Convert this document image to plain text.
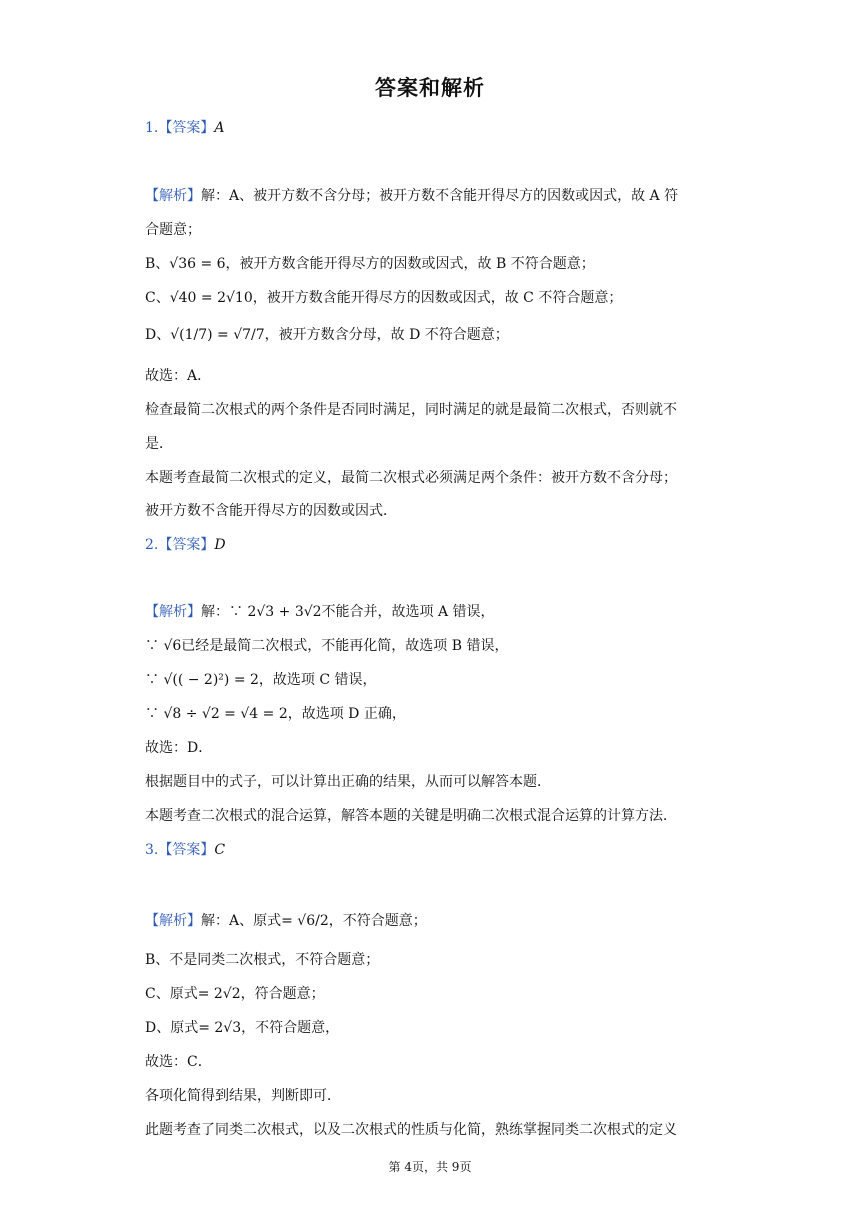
答案和解析
1.【答案】A
【解析】解：A、被开方数不含分母；被开方数不含能开得尽方的因数或因式，故 A 符
合题意；
B、√36 = 6，被开方数含能开得尽方的因数或因式，故 B 不符合题意；
C、√40 = 2√10，被开方数含能开得尽方的因数或因式，故 C 不符合题意；
D、√(1/7) = √7/7，被开方数含分母，故 D 不符合题意；
故选：A．
检查最简二次根式的两个条件是否同时满足，同时满足的就是最简二次根式，否则就不
是．
本题考查最简二次根式的定义，最简二次根式必须满足两个条件：被开方数不含分母；
被开方数不含能开得尽方的因数或因式．
2.【答案】D
【解析】解：∵ 2√3 + 3√2不能合并，故选项 A 错误，
∵ √6已经是最简二次根式，不能再化简，故选项 B 错误，
∵ √(( − 2)²) = 2，故选项 C 错误，
∵ √8 ÷ √2 = √4 = 2，故选项 D 正确，
故选：D．
根据题目中的式子，可以计算出正确的结果，从而可以解答本题．
本题考查二次根式的混合运算，解答本题的关键是明确二次根式混合运算的计算方法．
3.【答案】C
【解析】解：A、原式= √6/2，不符合题意；
B、不是同类二次根式，不符合题意；
C、原式= 2√2，符合题意；
D、原式= 2√3，不符合题意，
故选：C．
各项化简得到结果，判断即可．
此题考查了同类二次根式，以及二次根式的性质与化简，熟练掌握同类二次根式的定义
第 4页，共 9页
